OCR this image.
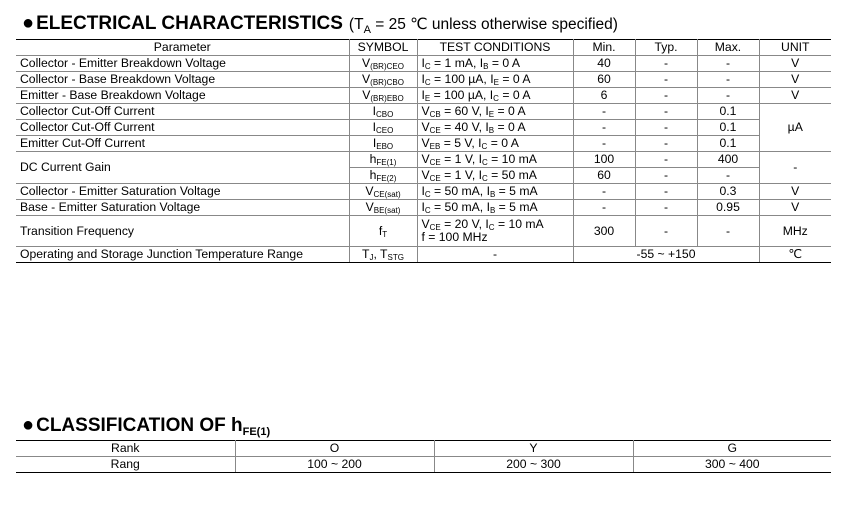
● ELECTRICAL CHARACTERISTICS ($T_A = 25$ ℃ unless otherwise specified)
Parameter	SYMBOL	TEST CONDITIONS	Min.	Typ.	Max.	UNIT
Collector - Emitter Breakdown Voltage	$V_{(BR)CEO}$	$I_C = 1$ mA, $I_B = 0$ A	40	-	-	V
Collector - Base Breakdown Voltage	$V_{(BR)CBO}$	$I_C = 100$ µA, $I_E = 0$ A	60	-	-	V
Emitter - Base Breakdown Voltage	$V_{(BR)EBO}$	$I_E = 100$ µA, $I_C = 0$ A	6	-	-	V
Collector Cut-Off Current	$I_{CBO}$	$V_{CB} = 60$ V, $I_E = 0$ A	-	-	0.1	µA
Collector Cut-Off Current	$I_{CEO}$	$V_{CE} = 40$ V, $I_B = 0$ A	-	-	0.1	
Emitter Cut-Off Current	$I_{EBO}$	$V_{EB} = 5$ V, $I_C = 0$ A	-	-	0.1	
DC Current Gain	$h_{FE(1)}$	$V_{CE} = 1$ V, $I_C = 10$ mA	100	-	400	-
	$h_{FE(2)}$	$V_{CE} = 1$ V, $I_C = 50$ mA	60	-	-	
Collector - Emitter Saturation Voltage	$V_{CE(sat)}$	$I_C = 50$ mA, $I_B = 5$ mA	-	-	0.3	V
Base - Emitter Saturation Voltage	$V_{BE(sat)}$	$I_C = 50$ mA, $I_B = 5$ mA	-	-	0.95	V
Transition Frequency	$f_T$	$V_{CE} = 20$ V, $I_C = 10$ mA
f = 100 MHz	300	-	-	MHz
Operating and Storage Junction Temperature Range	$T_J$, $T_{STG}$	-	-55 ~ +150			℃
● CLASSIFICATION OF $h_{FE(1)}$
Rank	O	Y	G
Rang	100 ~ 200	200 ~ 300	300 ~ 400
